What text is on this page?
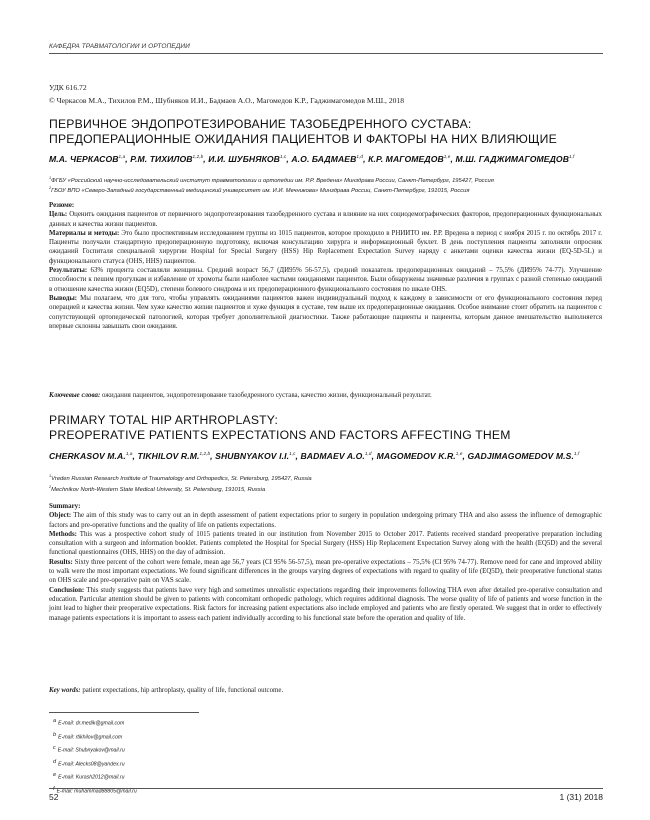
КАФЕДРА ТРАВМАТОЛОГИИ И ОРТОПЕДИИ
УДК 616.72
© Черкасов М.А., Тихилов Р.М., Шубняков И.И., Бадмаев А.О., Магомедов К.Р., Гаджимагомедов М.Ш., 2018
ПЕРВИЧНОЕ ЭНДОПРОТЕЗИРОВАНИЕ ТАЗОБЕДРЕННОГО СУСТАВА:
ПРЕДОПЕРАЦИОННЫЕ ОЖИДАНИЯ ПАЦИЕНТОВ И ФАКТОРЫ НА НИХ ВЛИЯЮЩИЕ
М.А. ЧЕРКАСОВ$^{1,a}$, Р.М. ТИХИЛОВ$^{1,2,b}$, И.И. ШУБНЯКОВ$^{1,c}$, А.О. БАДМАЕВ$^{1,d}$, К.Р. МАГОМЕДОВ$^{1,e}$, М.Ш. ГАДЖИМАГОМЕДОВ$^{1,f}$
$^1$ФГБУ «Российский научно-исследовательский институт травматологии и ортопедии им. Р.Р. Вредена» Минздрава России, Санкт-Петербург, 195427, Россия
$^2$ГБОУ ВПО «Северо-Западный государственный медицинский университет им. И.И. Мечникова» Минздрава России, Санкт-Петербург, 191015, Россия

Резюме:

Цель: Оценить ожидания пациентов от первичного эндопротезирования тазобедренного сустава и влияние на них социодемографических факторов, предоперационных функциональных данных и качества жизни пациентов.

Материалы и методы: Это было проспективным исследованием группы из 1015 пациентов, которое проходило в РНИИТО им. Р.Р. Вредена в период с ноября 2015 г. по октябрь 2017 г. Пациенты получали стандартную предоперационную подготовку, включая консультацию хирурга и информационный буклет. В день поступления пациенты заполняли опросник ожиданий Госпиталя специальной хирургии Hospital for Special Surgery (HSS) Hip Replacement Expectation Survey наряду с анкетами оценки качества жизни (EQ-5D-5L) и функционального статуса (OHS, HHS) пациентов.

Результаты: 63% процента составляли женщины. Средний возраст 56,7 (ДИ95% 56-57,5), средний показатель предоперационных ожиданий – 75,5% (ДИ95% 74-77). Улучшение способности к пешим прогулкам и избавление от хромоты были наиболее частыми ожиданиями пациентов. Были обнаружены значимые различия в группах с разной степенью ожиданий в отношение качества жизни (EQ5D), степени болевого синдрома и их предоперационного функционального состояния по шкале OHS.

Выводы: Мы полагаем, что для того, чтобы управлять ожиданиями пациентов важен индивидуальный подход к каждому в зависимости от его функционального состояния перед операцией и качества жизни. Чем хуже качество жизни пациентов и хуже функция в суставе, тем выше их предоперационные ожидания. Особое внимание стоит обратить на пациентов с сопутствующей ортопедической патологией, которая требует дополнительной диагностики. Также работающие пациенты и пациенты, которым данное вмешательство выполняется впервые склонны завышать свои ожидания.

Ключевые слова: ожидания пациентов, эндопротезирование тазобедренного сустава, качество жизни, функциональный результат.
PRIMARY TOTAL HIP ARTHROPLASTY:
PREOPERATIVE PATIENTS EXPECTATIONS AND FACTORS AFFECTING THEM
CHERKASOV M.A.$^{1,a}$, TIKHILOV R.M.$^{1,2,b}$, SHUBNYAKOV I.I.$^{1,c}$, BADMAEV A.O.$^{1,d}$, MAGOMEDOV K.R.$^{1,e}$, GADJIMAGOMEDOV M.S.$^{1,f}$
$^1$Vreden Russian Research Institute of Traumatology and Orthopedics, St. Petersburg, 195427, Russia
$^2$Mechnikov North-Western State Medical University, St. Petersburg, 191015, Russia

Summary:

Object: The aim of this study was to carry out an in depth assessment of patient expectations prior to surgery in population undergoing primary THA and also assess the influence of demographic factors and pre-operative functions and the quality of life on patients expectations.

Methods: This was a prospective cohort study of 1015 patients treated in our institution from November 2015 to October 2017. Patients received standard preoperative preparation including consultation with a surgeon and information booklet. Patients completed the Hospital for Special Surgery (HSS) Hip Replacement Expectation Survey along with the health (EQ5D) and the several functional questionnaires (OHS, HHS) on the day of admission.

Results: Sixty three percent of the cohort were female, mean age 56,7 years (CI 95% 56-57,5), mean pre-operative expectations – 75,5% (CI 95% 74-77). Remove need for cane and improved ability to walk were the most important expectations. We found significant differences in the groups varying degrees of expectations with regard to quality of life (EQ5D), their preoperative functional status on OHS scale and pre-operative pain on VAS scale.

Conclusion: This study suggests that patients have very high and sometimes unrealistic expectations regarding their improvements following THA even after detailed pre-operative consultation and education. Particular attention should be given to patients with concomitant orthopedic pathology, which requires additional diagnosis. The worse quality of life of patients and worse function in the joint lead to higher their preoperative expectations. Risk factors for increasing patient expectations also include employed and patients who are firstly operated. We suggest that in order to effectively manage patients expectations it is important to assess each patient individually according to his functional state before the operation and quality of life.

Key words: patient expectations, hip arthroplasty, quality of life, functional outcome.
$^a$ E-mail: dr.medik@gmail.com
$^b$ E-mail: rtikhilov@gmail.com
$^c$ E-mail: Shubnyakov@mail.ru
$^d$ E-mail: Alecks08@yandex.ru
$^e$ E-mail: Kurash2012@mail.ru
$^f$ E-mail: muhammad88805@mail.ru
52	1 (31) 2018
